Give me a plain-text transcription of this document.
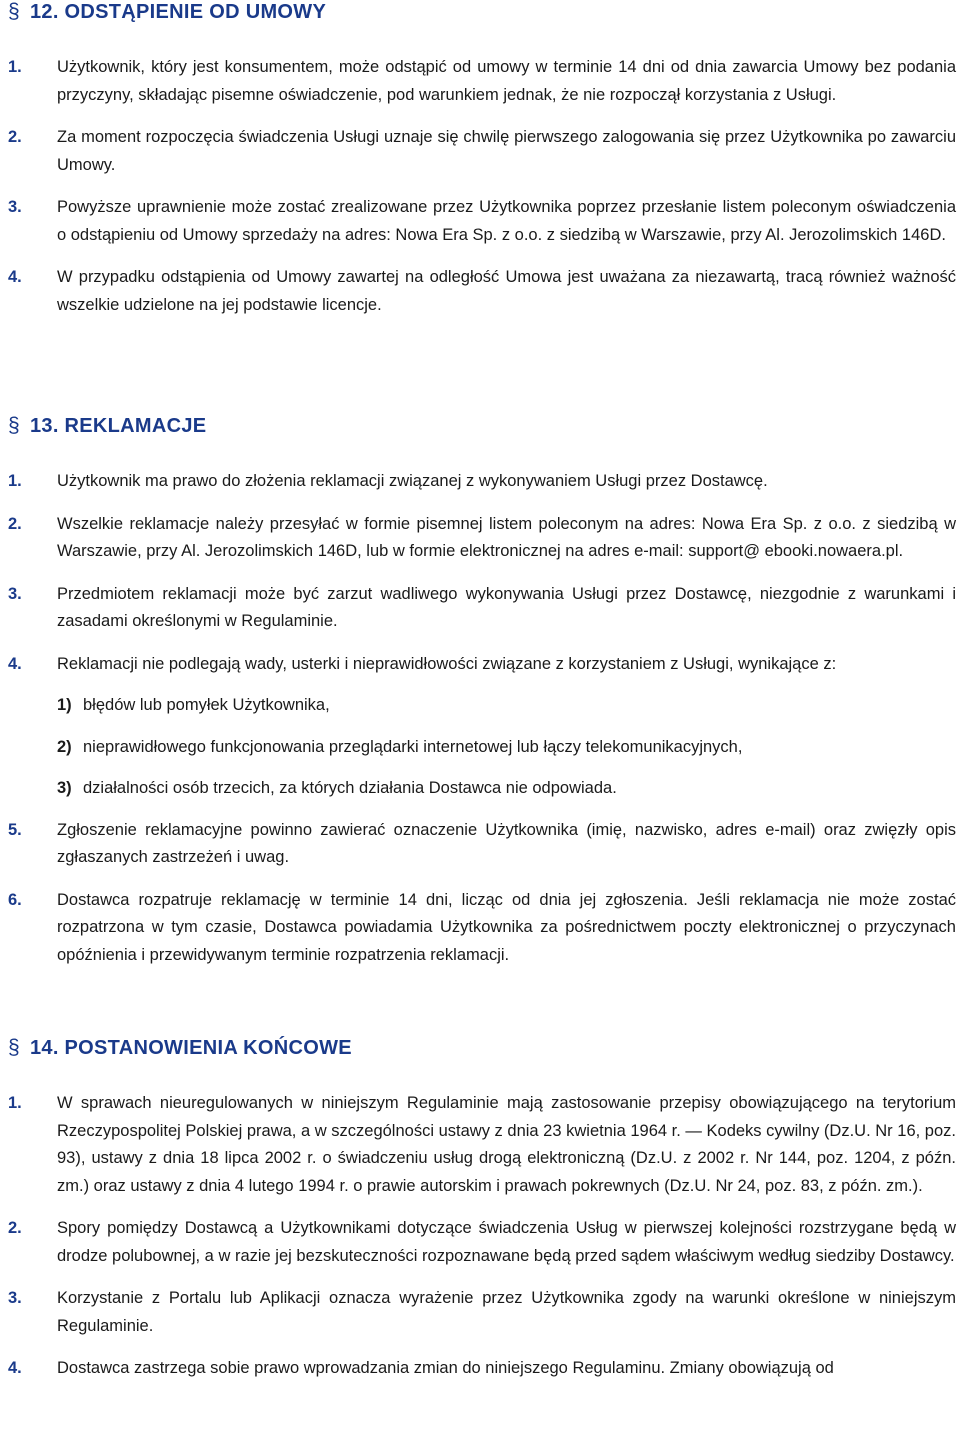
§ 12. ODSTĄPIENIE OD UMOWY
1.	Użytkownik, który jest konsumentem, może odstąpić od umowy w terminie 14 dni od dnia zawarcia Umowy bez podania przyczyny, składając pisemne oświadczenie, pod warunkiem jednak, że nie rozpoczął korzystania z Usługi.
2.	Za moment rozpoczęcia świadczenia Usługi uznaje się chwilę pierwszego zalogowania się przez Użytkownika po zawarciu Umowy.
3.	Powyższe uprawnienie może zostać zrealizowane przez Użytkownika poprzez przesłanie listem poleconym oświadczenia o odstąpieniu od Umowy sprzedaży na adres: Nowa Era Sp. z o.o. z siedzibą w Warszawie, przy Al. Jerozolimskich 146D.
4.	W przypadku odstąpienia od Umowy zawartej na odległość Umowa jest uważana za niezawartą, tracą również ważność wszelkie udzielone na jej podstawie licencje.
§ 13. REKLAMACJE
1.	Użytkownik ma prawo do złożenia reklamacji związanej z wykonywaniem Usługi przez Dostawcę.
2.	Wszelkie reklamacje należy przesyłać w formie pisemnej listem poleconym na adres: Nowa Era Sp. z o.o. z siedzibą w Warszawie, przy Al. Jerozolimskich 146D, lub w formie elektronicznej na adres e-mail: support@ ebooki.nowaera.pl.
3.	Przedmiotem reklamacji może być zarzut wadliwego wykonywania Usługi przez Dostawcę, niezgodnie z warunkami i zasadami określonymi w Regulaminie.
4.	Reklamacji nie podlegają wady, usterki i nieprawidłowości związane z korzystaniem z Usługi, wynikające z:
1) błędów lub pomyłek Użytkownika,
2) nieprawidłowego funkcjonowania przeglądarki internetowej lub łączy telekomunikacyjnych,
3) działalności osób trzecich, za których działania Dostawca nie odpowiada.
5.	Zgłoszenie reklamacyjne powinno zawierać oznaczenie Użytkownika (imię, nazwisko, adres e-mail) oraz zwięzły opis zgłaszanych zastrzeżeń i uwag.
6.	Dostawca rozpatruje reklamację w terminie 14 dni, licząc od dnia jej zgłoszenia. Jeśli reklamacja nie może zostać rozpatrzona w tym czasie, Dostawca powiadamia Użytkownika za pośrednictwem poczty elektronicznej o przyczynach opóźnienia i przewidywanym terminie rozpatrzenia reklamacji.
§ 14. POSTANOWIENIA KOŃCOWE
1.	W sprawach nieuregulowanych w niniejszym Regulaminie mają zastosowanie przepisy obowiązującego na terytorium Rzeczypospolitej Polskiej prawa, a w szczególności ustawy z dnia 23 kwietnia 1964 r. — Kodeks cywilny (Dz.U. Nr 16, poz. 93), ustawy z dnia 18 lipca 2002 r. o świadczeniu usług drogą elektroniczną (Dz.U. z 2002 r. Nr 144, poz. 1204, z późn. zm.) oraz ustawy z dnia 4 lutego 1994 r. o prawie autorskim i prawach pokrewnych (Dz.U. Nr 24, poz. 83, z późn. zm.).
2.	Spory pomiędzy Dostawcą a Użytkownikami dotyczące świadczenia Usług w pierwszej kolejności rozstrzygane będą w drodze polubownej, a w razie jej bezskuteczności rozpoznawane będą przed sądem właściwym według siedziby Dostawcy.
3.	Korzystanie z Portalu lub Aplikacji oznacza wyrażenie przez Użytkownika zgody na warunki określone w niniejszym Regulaminie.
4.	Dostawca zastrzega sobie prawo wprowadzania zmian do niniejszego Regulaminu. Zmiany obowiązują od
